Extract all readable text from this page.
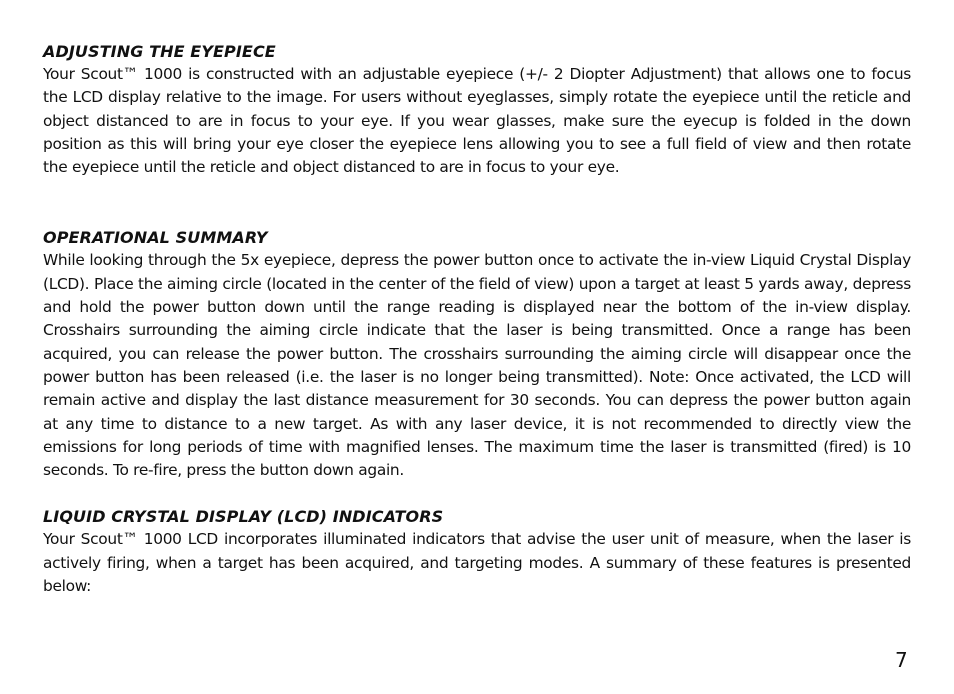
ADJUSTING THE EYEPIECE

Your Scout™ 1000 is constructed with an adjustable eyepiece (+/- 2 Diopter Adjustment) that allows one to focus the LCD display relative to the image. For users without eyeglasses, simply rotate the eyepiece until the reticle and object distanced to are in focus to your eye. If you wear glasses, make sure the eyecup is folded in the down position as this will bring your eye closer the eyepiece lens allowing you to see a full field of view and then rotate the eyepiece until the reticle and object distanced to are in focus to your eye.

OPERATIONAL SUMMARY

While looking through the 5x eyepiece, depress the power button once to activate the in-view Liquid Crystal Display (LCD). Place the aiming circle (located in the center of the field of view) upon a target at least 5 yards away, depress and hold the power button down until the range reading is displayed near the bottom of the in-view display. Crosshairs surrounding the aiming circle indicate that the laser is being transmitted. Once a range has been acquired, you can release the power button. The crosshairs surrounding the aiming circle will disappear once the power button has been released (i.e. the laser is no longer being transmitted). Note: Once activated, the LCD will remain active and display the last distance measurement for 30 seconds. You can depress the power button again at any time to distance to a new target. As with any laser device, it is not recommended to directly view the emissions for long periods of time with magnified lenses. The maximum time the laser is transmitted (fired) is 10 seconds. To re-fire, press the button down again.

LIQUID CRYSTAL DISPLAY (LCD) INDICATORS

Your Scout™ 1000 LCD incorporates illuminated indicators that advise the user unit of measure, when the laser is actively firing, when a target has been acquired, and targeting modes. A summary of these features is presented below:

7
